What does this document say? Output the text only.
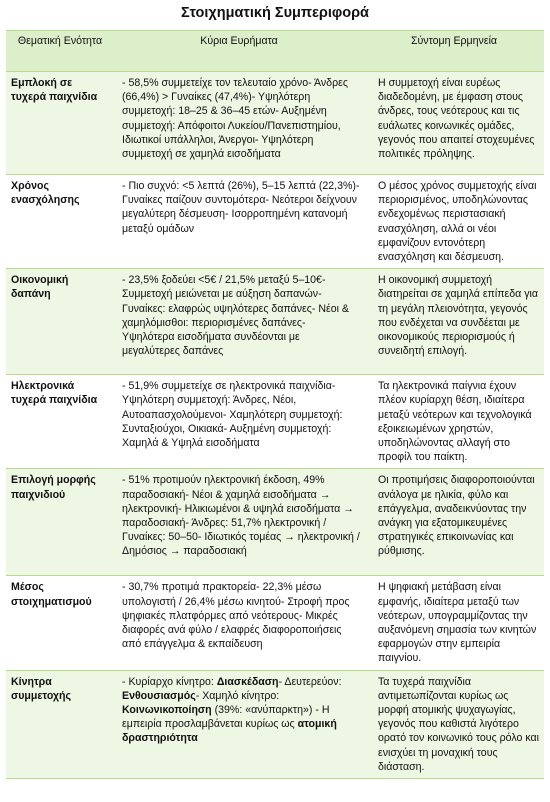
Στοιχηματική Συμπεριφορά
Θεματική Ενότητα	Κύρια Ευρήματα	Σύντομη Ερμηνεία
Εμπλοκή σε τυχερά παιχνίδια	- 58,5% συμμετείχε τον τελευταίο χρόνο- Άνδρες (66,4%) > Γυναίκες (47,4%)- Υψηλότερη συμμετοχή: 18–25 & 36–45 ετών- Αυξημένη συμμετοχή: Απόφοιτοι Λυκείου/Πανεπιστημίου, Ιδιωτικοί υπάλληλοι, Άνεργοι- Υψηλότερη συμμετοχή σε χαμηλά εισοδήματα	Η συμμετοχή είναι ευρέως διαδεδομένη, με έμφαση στους άνδρες, τους νεότερους και τις ευάλωτες κοινωνικές ομάδες, γεγονός που απαιτεί στοχευμένες πολιτικές πρόληψης.
Χρόνος ενασχόλησης	- Πιο συχνό: <5 λεπτά (26%), 5–15 λεπτά (22,3%)- Γυναίκες παίζουν συντομότερα- Νεότεροι δείχνουν μεγαλύτερη δέσμευση- Ισορροπημένη κατανομή μεταξύ ομάδων	Ο μέσος χρόνος συμμετοχής είναι περιορισμένος, υποδηλώνοντας ενδεχομένως περιστασιακή ενασχόληση, αλλά οι νέοι εμφανίζουν εντονότερη ενασχόληση και δέσμευση.
Οικονομική δαπάνη	- 23,5% ξοδεύει <5€ / 21,5% μεταξύ 5–10€- Συμμετοχή μειώνεται με αύξηση δαπανών- Γυναίκες: ελαφρώς υψηλότερες δαπάνες- Νέοι & χαμηλόμισθοι: περιορισμένες δαπάνες- Υψηλότερα εισοδήματα συνδέονται με μεγαλύτερες δαπάνες	Η οικονομική συμμετοχή διατηρείται σε χαμηλά επίπεδα για τη μεγάλη πλειονότητα, γεγονός που ενδέχεται να συνδέεται με οικονομικούς περιορισμούς ή συνειδητή επιλογή.
Ηλεκτρονικά τυχερά παιχνίδια	- 51,9% συμμετείχε σε ηλεκτρονικά παιχνίδια- Υψηλότερη συμμετοχή: Άνδρες, Νέοι, Αυτοαπασχολούμενοι- Χαμηλότερη συμμετοχή: Συνταξιούχοι, Οικιακά- Αυξημένη συμμετοχή: Χαμηλά & Υψηλά εισοδήματα	Τα ηλεκτρονικά παίγνια έχουν πλέον κυρίαρχη θέση, ιδιαίτερα μεταξύ νεότερων και τεχνολογικά εξοικειωμένων χρηστών, υποδηλώνοντας αλλαγή στο προφίλ του παίκτη.
Επιλογή μορφής παιχνιδιού	- 51% προτιμούν ηλεκτρονική έκδοση, 49% παραδοσιακή- Νέοι & χαμηλά εισοδήματα → ηλεκτρονική- Ηλικιωμένοι & υψηλά εισοδήματα → παραδοσιακή- Άνδρες: 51,7% ηλεκτρονική / Γυναίκες: 50–50- Ιδιωτικός τομέας → ηλεκτρονική / Δημόσιος → παραδοσιακή	Οι προτιμήσεις διαφοροποιούνται ανάλογα με ηλικία, φύλο και επάγγελμα, αναδεικνύοντας την ανάγκη για εξατομικευμένες στρατηγικές επικοινωνίας και ρύθμισης.
Μέσος στοιχηματισμού	- 30,7% προτιμά πρακτορεία- 22,3% μέσω υπολογιστή / 26,4% μέσω κινητού- Στροφή προς ψηφιακές πλατφόρμες από νεότερους- Μικρές διαφορές ανά φύλο / ελαφρές διαφοροποιήσεις από επάγγελμα & εκπαίδευση	Η ψηφιακή μετάβαση είναι εμφανής, ιδιαίτερα μεταξύ των νεότερων, υπογραμμίζοντας την αυξανόμενη σημασία των κινητών εφαρμογών στην εμπειρία παιγνίου.
Κίνητρα συμμετοχής	- Κυρίαρχο κίνητρο: Διασκέδαση- Δευτερεύον: Ενθουσιασμός- Χαμηλό κίνητρο: Κοινωνικοποίηση (39%: «ανύπαρκτη») - Η εμπειρία προσλαμβάνεται κυρίως ως ατομική δραστηριότητα	Τα τυχερά παιχνίδια αντιμετωπίζονται κυρίως ως μορφή ατομικής ψυχαγωγίας, γεγονός που καθιστά λιγότερο ορατό τον κοινωνικό τους ρόλο και ενισχύει τη μοναχική τους διάσταση.
